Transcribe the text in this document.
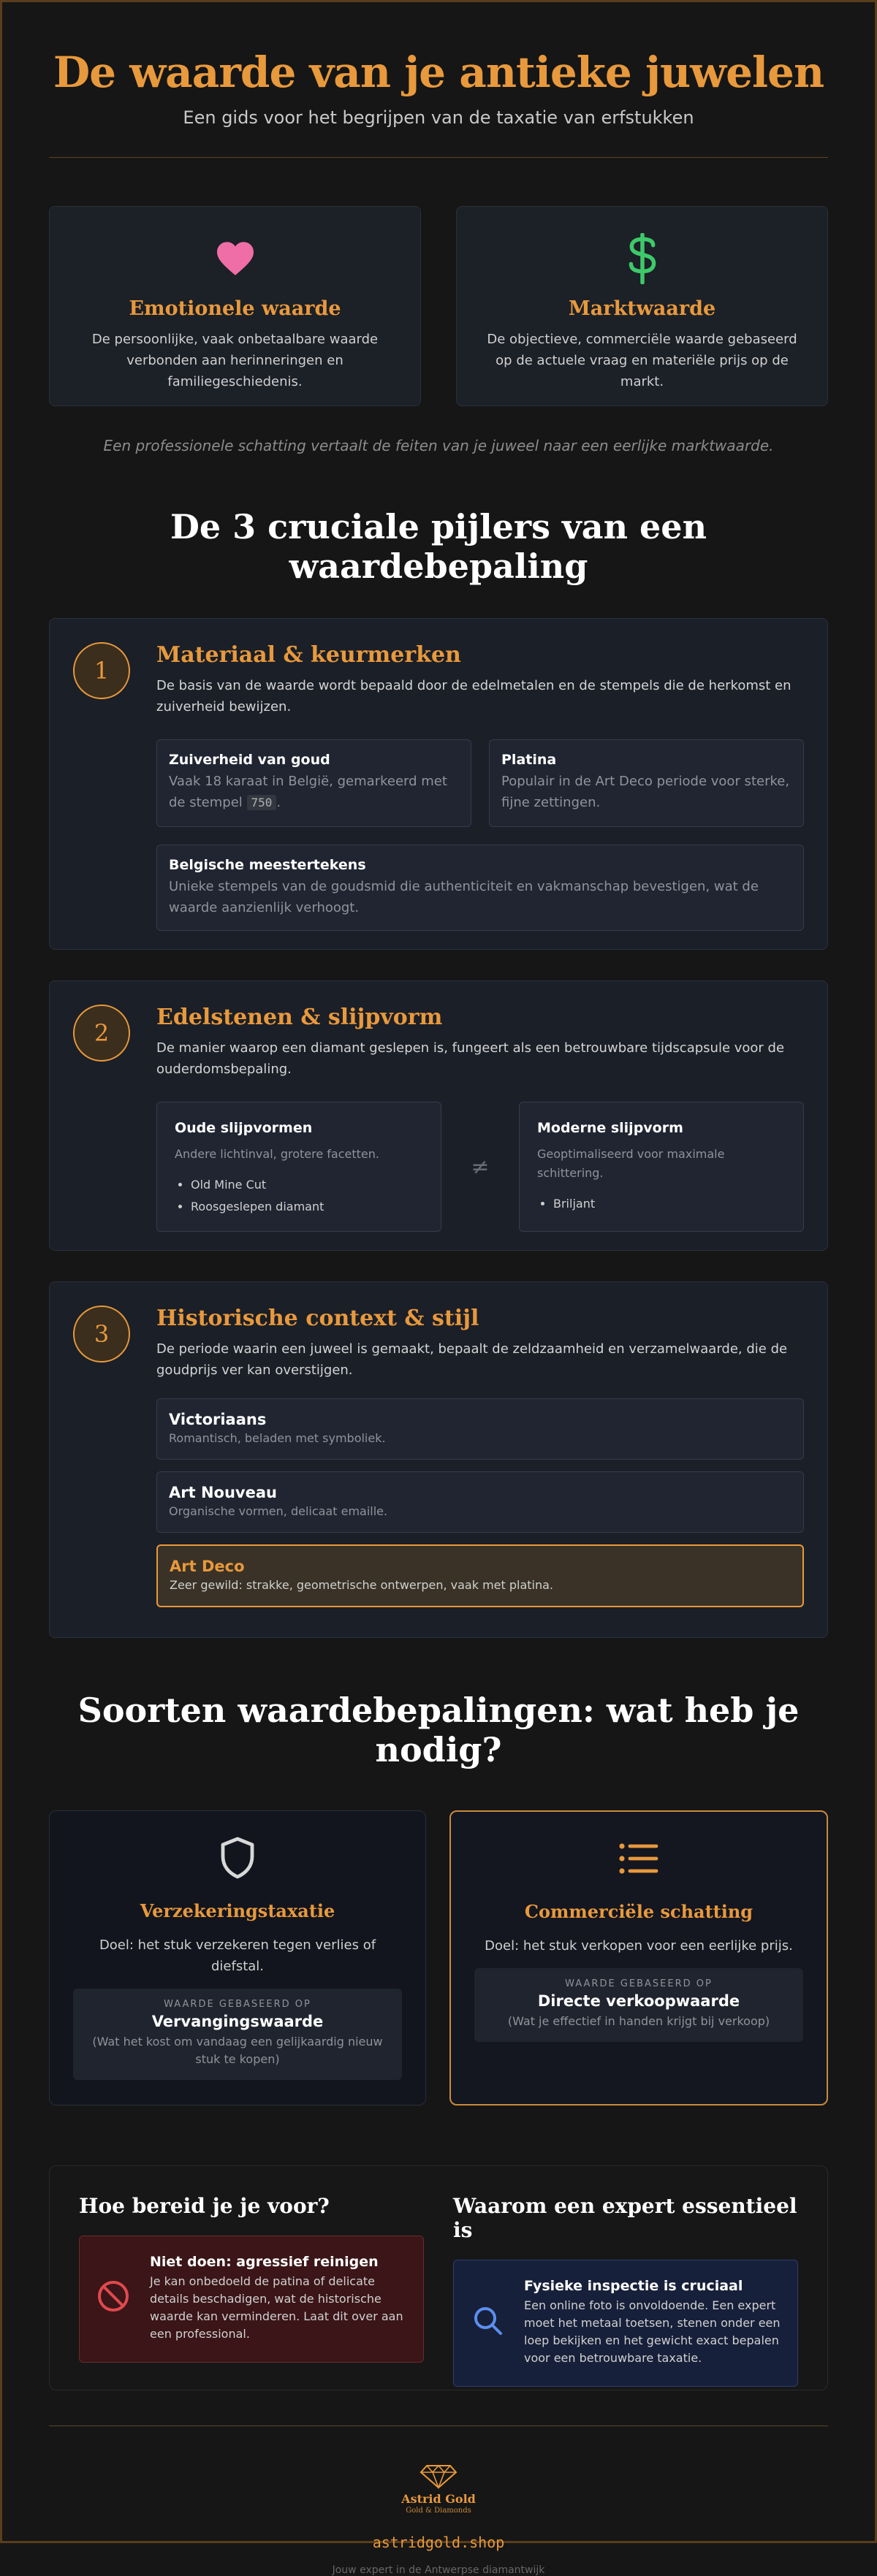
De waarde van je antieke juwelen

Een gids voor het begrijpen van de taxatie van erfstukken

Emotionele waarde

De persoonlijke, vaak onbetaalbare waarde verbonden aan herinneringen en familiegeschiedenis.

Marktwaarde

De objectieve, commerciële waarde gebaseerd op de actuele vraag en materiële prijs op de markt.

Een professionele schatting vertaalt de feiten van je juweel naar een eerlijke marktwaarde.

De 3 cruciale pijlers van een waardebepaling
1
Materiaal & keurmerken

De basis van de waarde wordt bepaald door de edelmetalen en de stempels die de herkomst en zuiverheid bewijzen.

Zuiverheid van goud
Vaak 18 karaat in België, gemarkeerd met de stempel 750 .
Platina
Populair in de Art Deco periode voor sterke, fijne zettingen.
Belgische meestertekens
Unieke stempels van de goudsmid die authenticiteit en vakmanschap bevestigen, wat de waarde aanzienlijk verhoogt.
2
Edelstenen & slijpvorm

De manier waarop een diamant geslepen is, fungeert als een betrouwbare tijdscapsule voor de ouderdomsbepaling.

Oude slijpvormen
Andere lichtinval, grotere facetten.
• Old Mine Cut
• Roosgeslepen diamant
≠
Moderne slijpvorm
Geoptimaliseerd voor maximale schittering.
• Briljant
3
Historische context & stijl

De periode waarin een juweel is gemaakt, bepaalt de zeldzaamheid en verzamelwaarde, die de goudprijs ver kan overstijgen.

Victoriaans
Romantisch, beladen met symboliek.
Art Nouveau
Organische vormen, delicaat emaille.
Art Deco
Zeer gewild: strakke, geometrische ontwerpen, vaak met platina.
Soorten waardebepalingen: wat heb je nodig?
Verzekeringstaxatie

Doel: het stuk verzekeren tegen verlies of diefstal.

WAARDE GEBASEERD OP
Vervangingswaarde
(Wat het kost om vandaag een gelijkaardig nieuw stuk te kopen)
Commerciële schatting

Doel: het stuk verkopen voor een eerlijke prijs.

WAARDE GEBASEERD OP
Directe verkoopwaarde
(Wat je effectief in handen krijgt bij verkoop)
Hoe bereid je je voor?
Niet doen: agressief reinigen
Je kan onbedoeld de patina of delicate details beschadigen, wat de historische waarde kan verminderen. Laat dit over aan een professional.
Waarom een expert essentieel is
Fysieke inspectie is cruciaal
Een online foto is onvoldoende. Een expert moet het metaal toetsen, stenen onder een loep bekijken en het gewicht exact bepalen voor een betrouwbare taxatie.
Astrid Gold
Gold & Diamonds
astridgold.shop
Jouw expert in de Antwerpse diamantwijk
